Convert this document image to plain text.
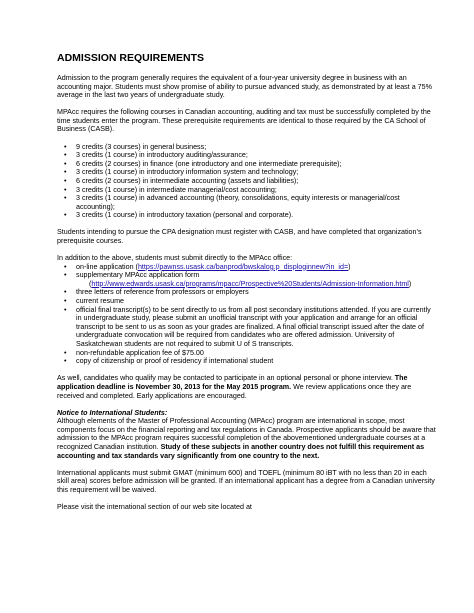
ADMISSION REQUIREMENTS

Admission to the program generally requires the equivalent of a four-year university degree in business with an accounting major. Students must show promise of ability to pursue advanced study, as demonstrated by at least a 75% average in the last two years of undergraduate study.

MPAcc requires the following courses in Canadian accounting, auditing and tax must be successfully completed by the time students enter the program. These prerequisite requirements are identical to those required by the CA School of Business (CASB).

• 9 credits (3 courses) in general business;
• 3 credits (1 course) in introductory auditing/assurance;
• 6 credits (2 courses) in finance (one introductory and one intermediate prerequisite);
• 3 credits (1 course) in introductory information system and technology;
• 6 credits (2 courses) in intermediate accounting (assets and liabilities);
• 3 credits (1 course) in intermediate managerial/cost accounting;
• 3 credits (1 course) in advanced accounting (theory, consolidations, equity interests or managerial/cost accounting);
• 3 credits (1 course) in introductory taxation (personal and corporate).

Students intending to pursue the CPA designation must register with CASB, and have completed that organization’s prerequisite courses.

In addition to the above, students must submit directly to the MPAcc office:

• on-line application (https://pawnss.usask.ca/banprod/bwskalog.p_disploginnew?in_id=)
• supplementary MPAcc application form
(http://www.edwards.usask.ca/programs/mpacc/Prospective%20Students/Admission-Information.html)
• three letters of reference from professors or employers
• current resume
• official final transcript(s) to be sent directly to us from all post secondary institutions attended. If you are currently in undergraduate study, please submit an unofficial transcript with your application and arrange for an official transcript to be sent to us as soon as your grades are finalized. A final official transcript issued after the date of undergraduate convocation will be required from candidates who are offered admission. University of Saskatchewan students are not required to submit U of S transcripts.
• non-refundable application fee of $75.00
• copy of citizenship or proof of residency if international student

As well, candidates who qualify may be contacted to participate in an optional personal or phone interview. The application deadline is November 30, 2013 for the May 2015 program. We review applications once they are received and completed. Early applications are encouraged.

Notice to International Students:
Although elements of the Master of Professional Accounting (MPAcc) program are international in scope, most components focus on the financial reporting and tax regulations in Canada. Prospective applicants should be aware that admission to the MPAcc program requires successful completion of the abovementioned undergraduate courses at a recognized Canadian institution. Study of these subjects in another country does not fulfill this requirement as accounting and tax standards vary significantly from one country to the next.

International applicants must submit GMAT (minimum 600) and TOEFL (minimum 80 iBT with no less than 20 in each skill area) scores before admission will be granted. If an international applicant has a degree from a Canadian university this requirement will be waived.

Please visit the international section of our web site located at
